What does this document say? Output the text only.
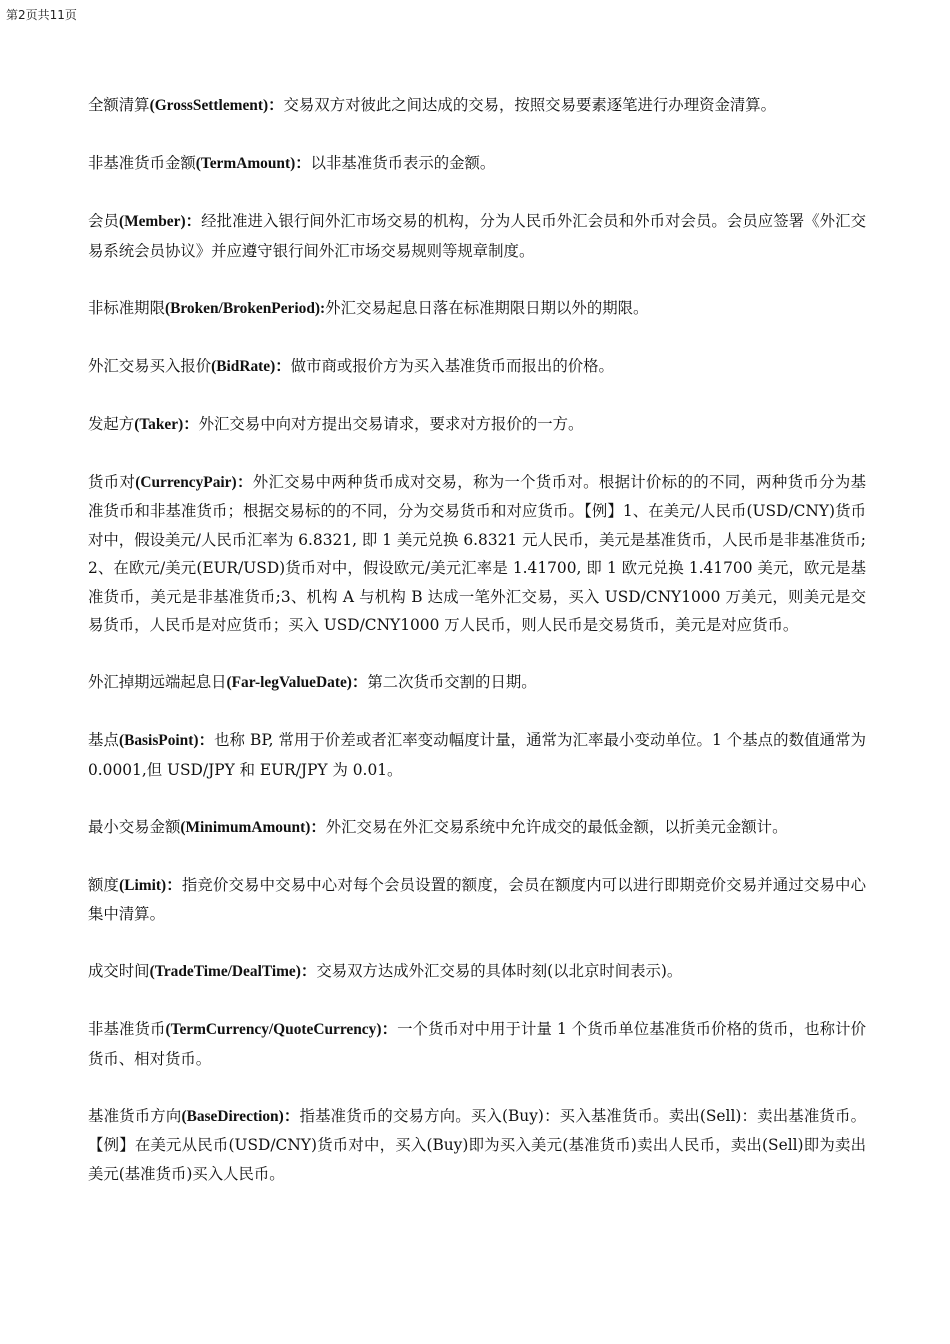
第2页共11页

全额清算(GrossSettlement)：交易双方对彼此之间达成的交易，按照交易要素逐笔进行办理资金清算。

非基准货币金额(TermAmount)：以非基准货币表示的金额。

会员(Member)：经批准进入银行间外汇市场交易的机构，分为人民币外汇会员和外币对会员。会员应签署《外汇交易系统会员协议》并应遵守银行间外汇市场交易规则等规章制度。

非标准期限(Broken/BrokenPeriod):外汇交易起息日落在标准期限日期以外的期限。

外汇交易买入报价(BidRate)：做市商或报价方为买入基准货币而报出的价格。

发起方(Taker)：外汇交易中向对方提出交易请求，要求对方报价的一方。

货币对(CurrencyPair)：外汇交易中两种货币成对交易，称为一个货币对。根据计价标的的不同，两种货币分为基准货币和非基准货币；根据交易标的的不同，分为交易货币和对应货币。【例】1、在美元/人民币(USD/CNY)货币对中，假设美元/人民币汇率为 6.8321, 即 1 美元兑换 6.8321 元人民币，美元是基准货币，人民币是非基准货币;2、在欧元/美元(EUR/USD)货币对中，假设欧元/美元汇率是 1.41700, 即 1 欧元兑换 1.41700 美元，欧元是基准货币，美元是非基准货币;3、机构 A 与机构 B 达成一笔外汇交易，买入 USD/CNY1000 万美元，则美元是交易货币，人民币是对应货币；买入 USD/CNY1000 万人民币，则人民币是交易货币，美元是对应货币。

外汇掉期远端起息日(Far-legValueDate)：第二次货币交割的日期。

基点(BasisPoint)：也称 BP, 常用于价差或者汇率变动幅度计量，通常为汇率最小变动单位。1 个基点的数值通常为 0.0001,但 USD/JPY 和 EUR/JPY 为 0.01。

最小交易金额(MinimumAmount)：外汇交易在外汇交易系统中允许成交的最低金额，以折美元金额计。

额度(Limit)：指竞价交易中交易中心对每个会员设置的额度，会员在额度内可以进行即期竞价交易并通过交易中心集中清算。

成交时间(TradeTime/DealTime)：交易双方达成外汇交易的具体时刻(以北京时间表示)。

非基准货币(TermCurrency/QuoteCurrency)：一个货币对中用于计量 1 个货币单位基准货币价格的货币，也称计价货币、相对货币。

基准货币方向(BaseDirection)：指基准货币的交易方向。买入(Buy)：买入基准货币。卖出(Sell)：卖出基准货币。【例】在美元从民币(USD/CNY)货币对中，买入(Buy)即为买入美元(基准货币)卖出人民币，卖出(Sell)即为卖出美元(基准货币)买入人民币。
